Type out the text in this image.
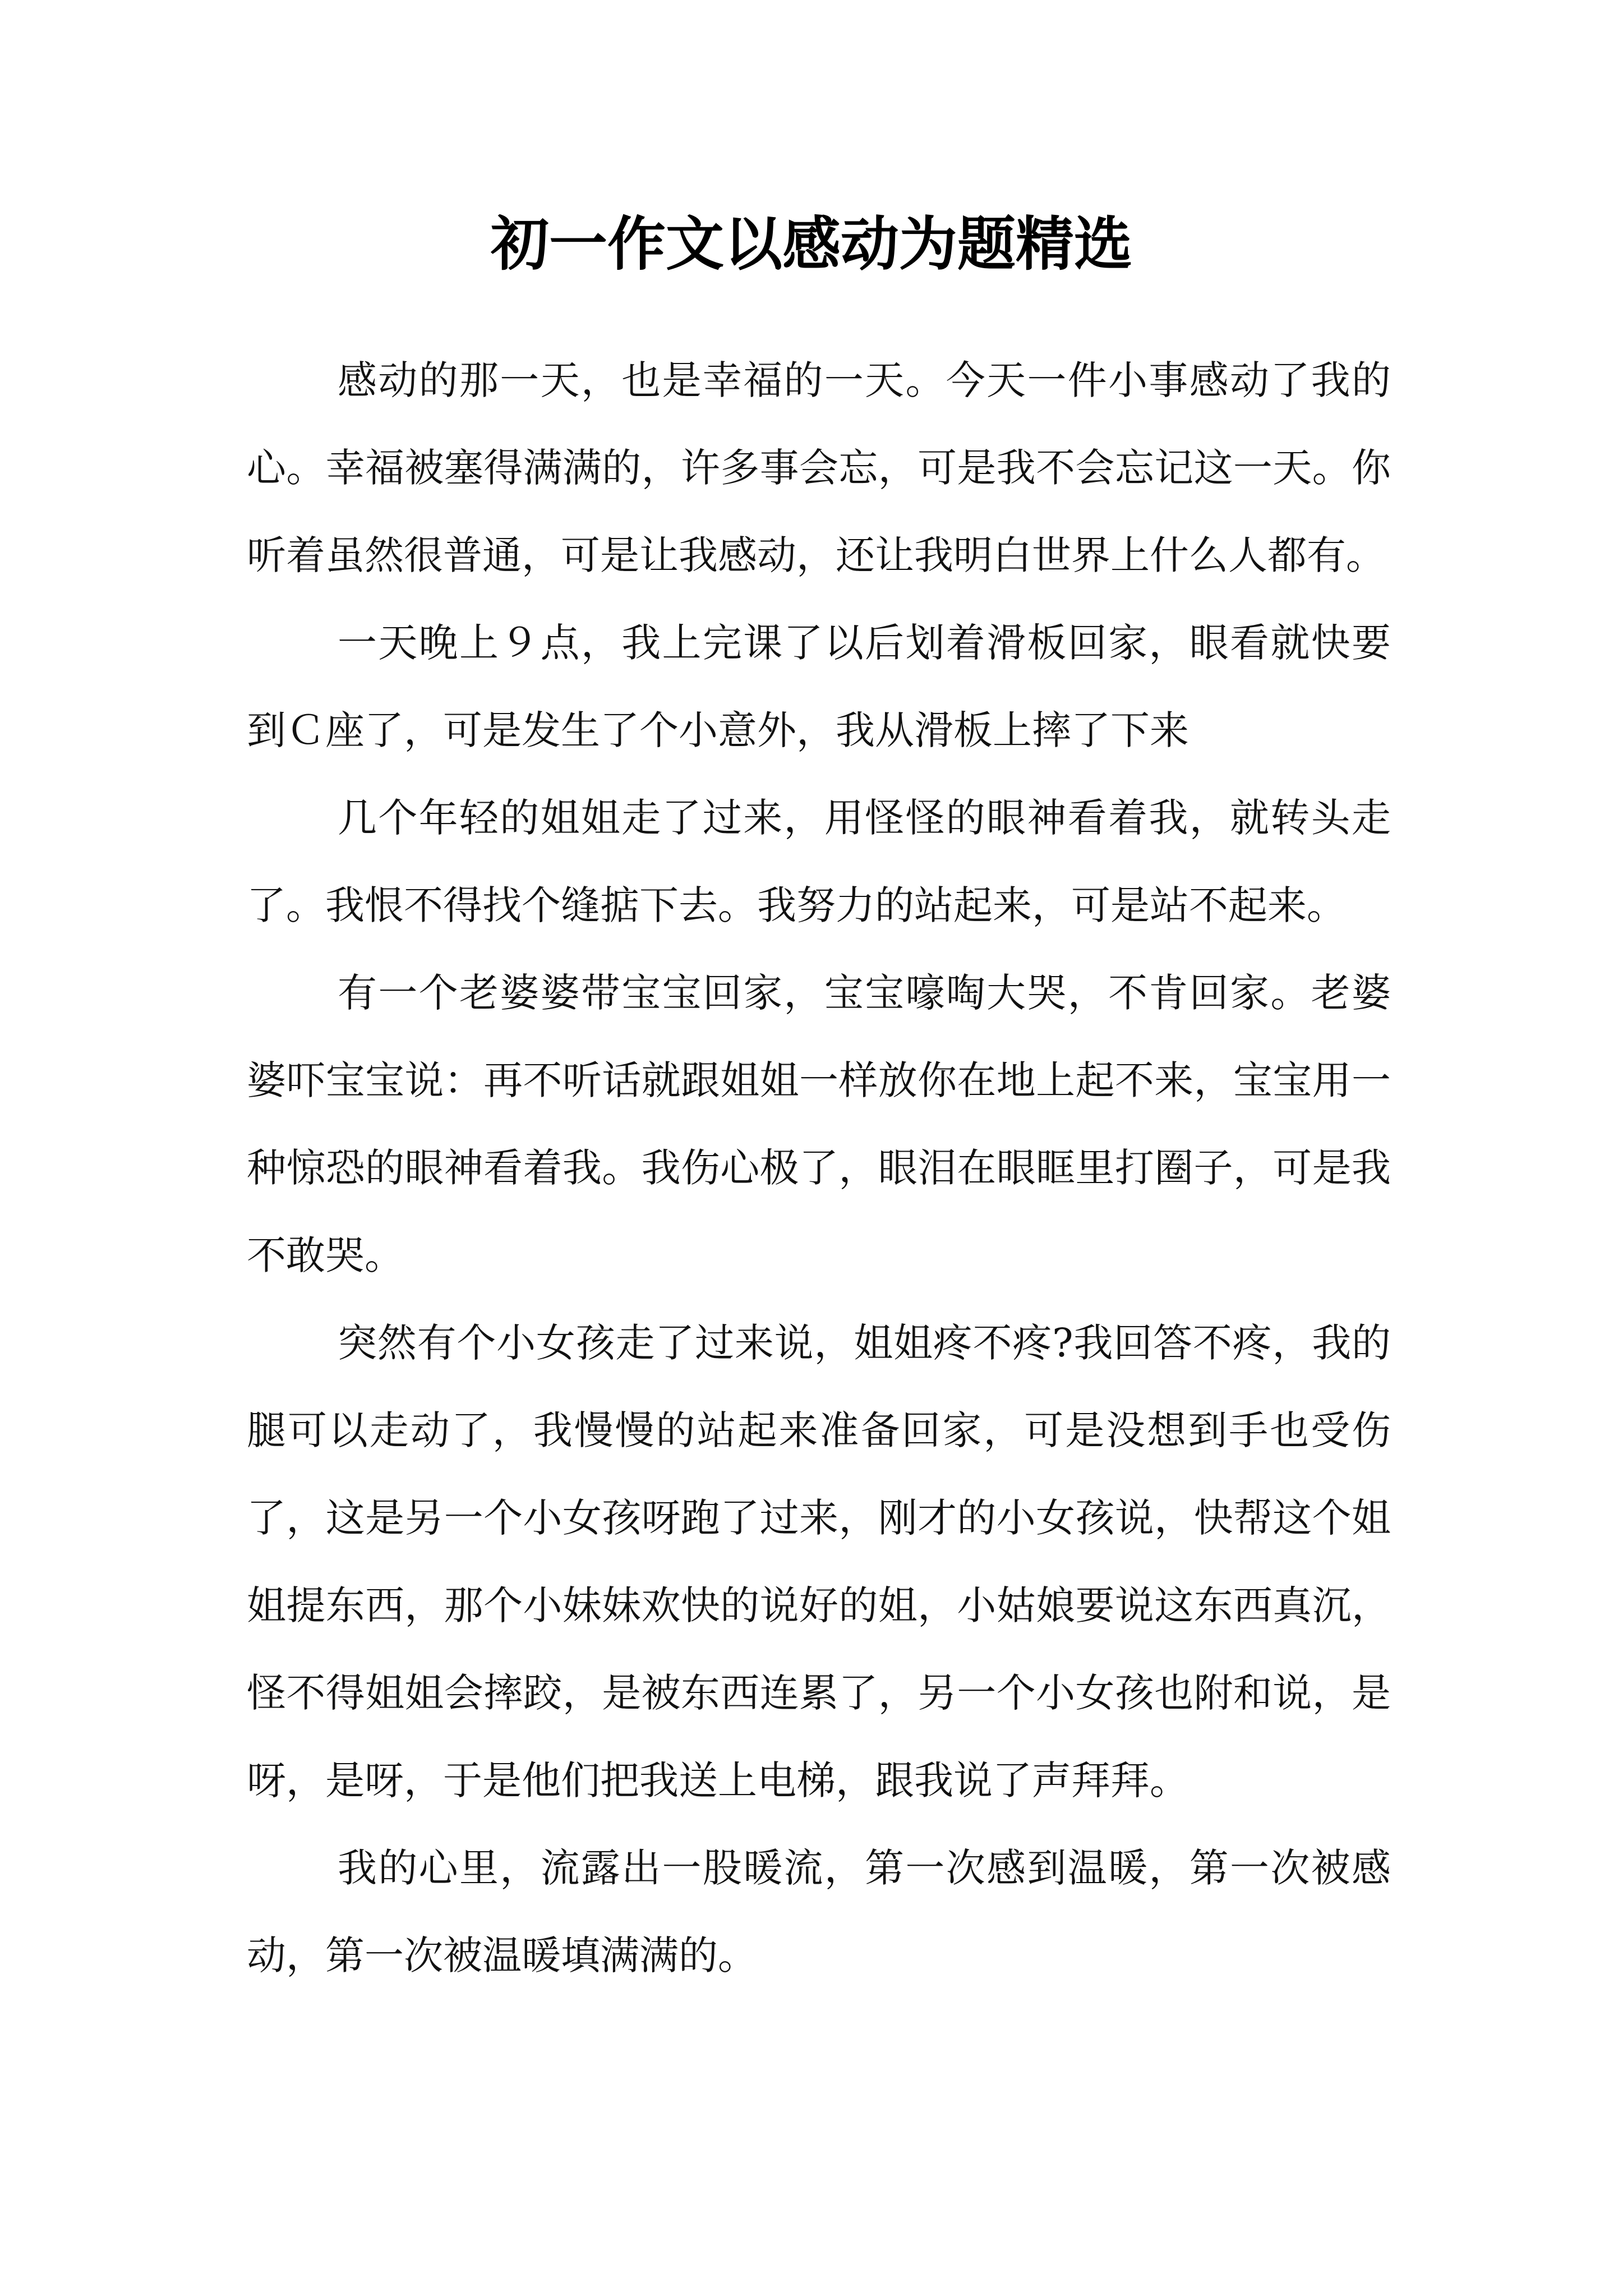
初一作文以感动为题精选

感动的那一天，也是幸福的一天。今天一件小事感动了我的心。幸福被塞得满满的，许多事会忘，可是我不会忘记这一天。你听着虽然很普通，可是让我感动，还让我明白世界上什么人都有。

一天晚上９点，我上完课了以后划着滑板回家，眼看就快要到Ｃ座了，可是发生了个小意外，我从滑板上摔了下来

几个年轻的姐姐走了过来，用怪怪的眼神看着我，就转头走了。我恨不得找个缝掂下去。我努力的站起来，可是站不起来。

有一个老婆婆带宝宝回家，宝宝嚎啕大哭，不肯回家。老婆婆吓宝宝说：再不听话就跟姐姐一样放你在地上起不来，宝宝用一种惊恐的眼神看着我。我伤心极了，眼泪在眼眶里打圈子，可是我不敢哭。

突然有个小女孩走了过来说，姐姐疼不疼?我回答不疼，我的腿可以走动了，我慢慢的站起来准备回家，可是没想到手也受伤了，这是另一个小女孩呀跑了过来，刚才的小女孩说，快帮这个姐姐提东西，那个小妹妹欢快的说好的姐，小姑娘要说这东西真沉，怪不得姐姐会摔跤，是被东西连累了，另一个小女孩也附和说，是呀，是呀，于是他们把我送上电梯，跟我说了声拜拜。

我的心里，流露出一股暖流，第一次感到温暖，第一次被感动，第一次被温暖填满满的。
